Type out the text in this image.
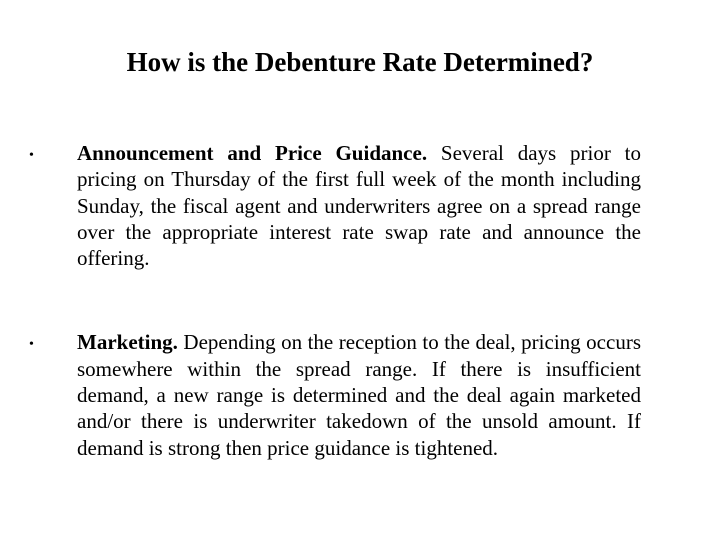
How is the Debenture Rate Determined?
• Announcement and Price Guidance. Several days prior to pricing on Thursday of the first full week of the month including Sunday, the fiscal agent and underwriters agree on a spread range over the appropriate interest rate swap rate and announce the offering.
• Marketing. Depending on the reception to the deal, pricing occurs somewhere within the spread range. If there is insufficient demand, a new range is determined and the deal again marketed and/or there is underwriter takedown of the unsold amount. If demand is strong then price guidance is tightened.
